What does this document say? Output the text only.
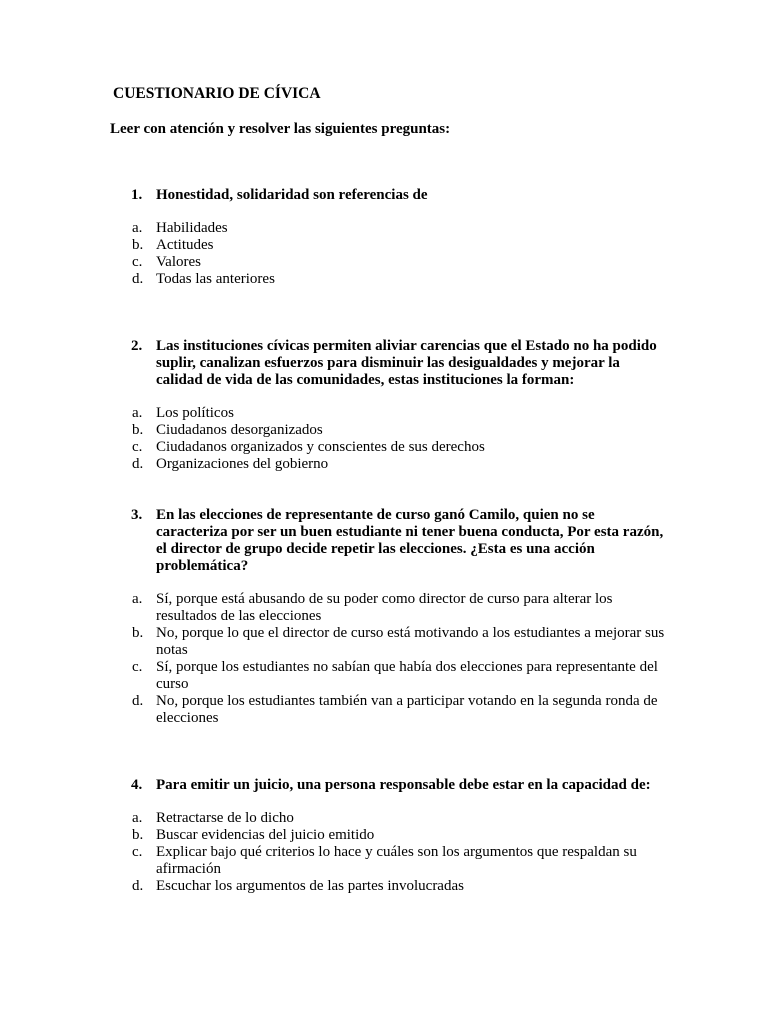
CUESTIONARIO DE CÍVICA
Leer con atención y resolver las siguientes preguntas:
1. Honestidad, solidaridad son referencias de
a. Habilidades
b. Actitudes
c. Valores
d. Todas las anteriores
2. Las instituciones cívicas permiten aliviar carencias que el Estado no ha podido suplir, canalizan esfuerzos para disminuir las desigualdades y mejorar la calidad de vida de las comunidades, estas instituciones la forman:
a. Los políticos
b. Ciudadanos desorganizados
c. Ciudadanos organizados y conscientes de sus derechos
d. Organizaciones del gobierno
3. En las elecciones de representante de curso ganó Camilo, quien no se caracteriza por ser un buen estudiante ni tener buena conducta, Por esta razón, el director de grupo decide repetir las elecciones. ¿Esta es una acción problemática?
a. Sí, porque está abusando de su poder como director de curso para alterar los resultados de las elecciones
b. No, porque lo que el director de curso está motivando a los estudiantes a mejorar sus notas
c. Sí, porque los estudiantes no sabían que había dos elecciones para representante del curso
d. No, porque los estudiantes también van a participar votando en la segunda ronda de elecciones
4. Para emitir un juicio, una persona responsable debe estar en la capacidad de:
a. Retractarse de lo dicho
b. Buscar evidencias del juicio emitido
c. Explicar bajo qué criterios lo hace y cuáles son los argumentos que respaldan su afirmación
d. Escuchar los argumentos de las partes involucradas
